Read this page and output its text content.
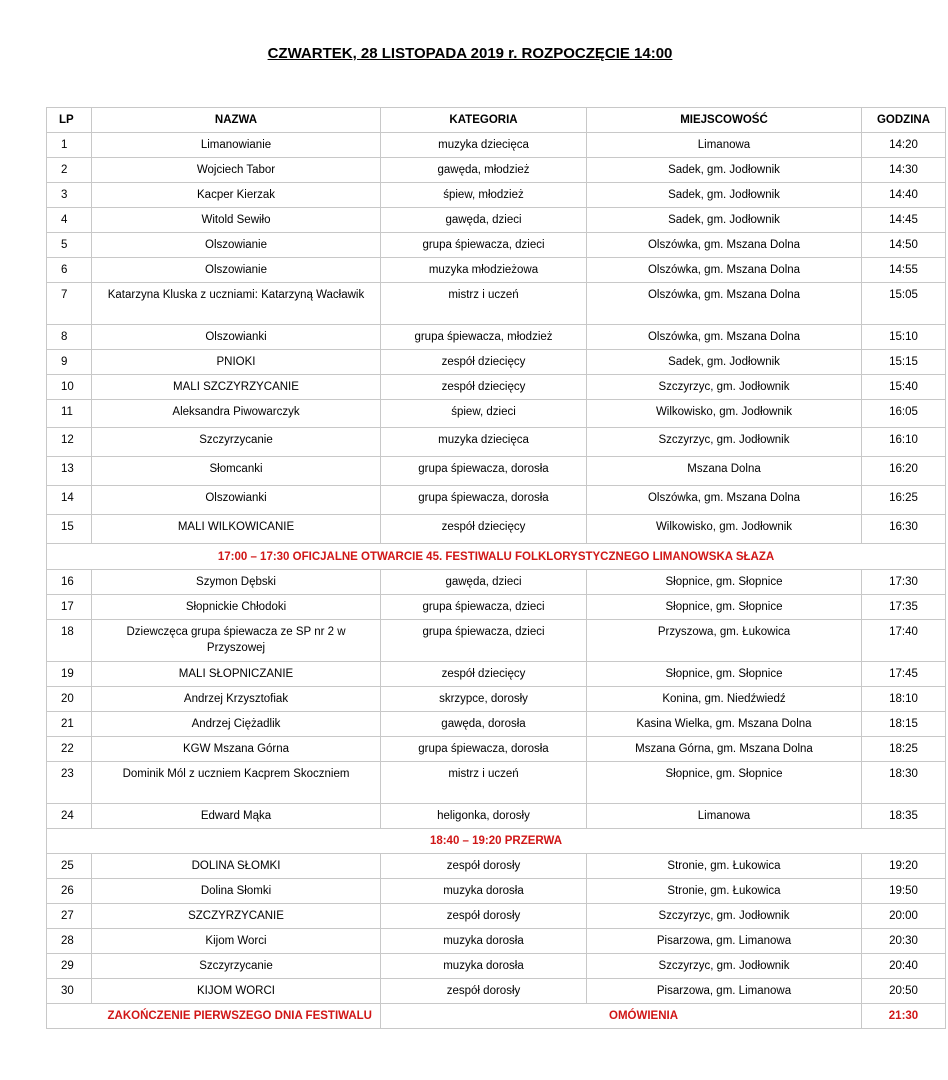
CZWARTEK, 28 LISTOPADA 2019 r. ROZPOCZĘCIE 14:00
LP	NAZWA	KATEGORIA	MIEJSCOWOŚĆ	GODZINA
1	Limanowianie	muzyka dziecięca	Limanowa	14:20
2	Wojciech Tabor	gawęda, młodzież	Sadek, gm. Jodłownik	14:30
3	Kacper Kierzak	śpiew, młodzież	Sadek, gm. Jodłownik	14:40
4	Witold Sewiło	gawęda, dzieci	Sadek, gm. Jodłownik	14:45
5	Olszowianie	grupa śpiewacza, dzieci	Olszówka, gm. Mszana Dolna	14:50
6	Olszowianie	muzyka młodzieżowa	Olszówka, gm. Mszana Dolna	14:55
7	Katarzyna Kluska z uczniami: Katarzyną Wacławik	mistrz i uczeń	Olszówka, gm. Mszana Dolna	15:05
8	Olszowianki	grupa śpiewacza, młodzież	Olszówka, gm. Mszana Dolna	15:10
9	PNIOKI	zespół dziecięcy	Sadek, gm. Jodłownik	15:15
10	MALI SZCZYRZYCANIE	zespół dziecięcy	Szczyrzyc, gm. Jodłownik	15:40
11	Aleksandra Piwowarczyk	śpiew, dzieci	Wilkowisko, gm. Jodłownik	16:05
12	Szczyrzycanie	muzyka dziecięca	Szczyrzyc, gm. Jodłownik	16:10
13	Słomcanki	grupa śpiewacza, dorosła	Mszana Dolna	16:20
14	Olszowianki	grupa śpiewacza, dorosła	Olszówka, gm. Mszana Dolna	16:25
15	MALI WILKOWICANIE	zespół dziecięcy	Wilkowisko, gm. Jodłownik	16:30
17:00 – 17:30 OFICJALNE OTWARCIE 45. FESTIWALU FOLKLORYSTYCZNEGO LIMANOWSKA SŁAZA				
16	Szymon Dębski	gawęda, dzieci	Słopnice, gm. Słopnice	17:30
17	Słopnickie Chłodoki	grupa śpiewacza, dzieci	Słopnice, gm. Słopnice	17:35
18	Dziewczęca grupa śpiewacza ze SP nr 2 w Przyszowej	grupa śpiewacza, dzieci	Przyszowa, gm. Łukowica	17:40
19	MALI SŁOPNICZANIE	zespół dziecięcy	Słopnice, gm. Słopnice	17:45
20	Andrzej Krzysztofiak	skrzypce, dorosły	Konina, gm. Niedźwiedź	18:10
21	Andrzej Ciężadlik	gawęda, dorosła	Kasina Wielka, gm. Mszana Dolna	18:15
22	KGW Mszana Górna	grupa śpiewacza, dorosła	Mszana Górna, gm. Mszana Dolna	18:25
23	Dominik Mól z uczniem Kacprem Skoczniem	mistrz i uczeń	Słopnice, gm. Słopnice	18:30
24	Edward Mąka	heligonka, dorosły	Limanowa	18:35
18:40 – 19:20 PRZERWA				
25	DOLINA SŁOMKI	zespół dorosły	Stronie, gm. Łukowica	19:20
26	Dolina Słomki	muzyka dorosła	Stronie, gm. Łukowica	19:50
27	SZCZYRZYCANIE	zespół dorosły	Szczyrzyc, gm. Jodłownik	20:00
28	Kijom Worci	muzyka dorosła	Pisarzowa, gm. Limanowa	20:30
29	Szczyrzycanie	muzyka dorosła	Szczyrzyc, gm. Jodłownik	20:40
30	KIJOM WORCI	zespół dorosły	Pisarzowa, gm. Limanowa	20:50
ZAKOŃCZENIE PIERWSZEGO DNIA FESTIWALU			OMÓWIENIA	21:30
